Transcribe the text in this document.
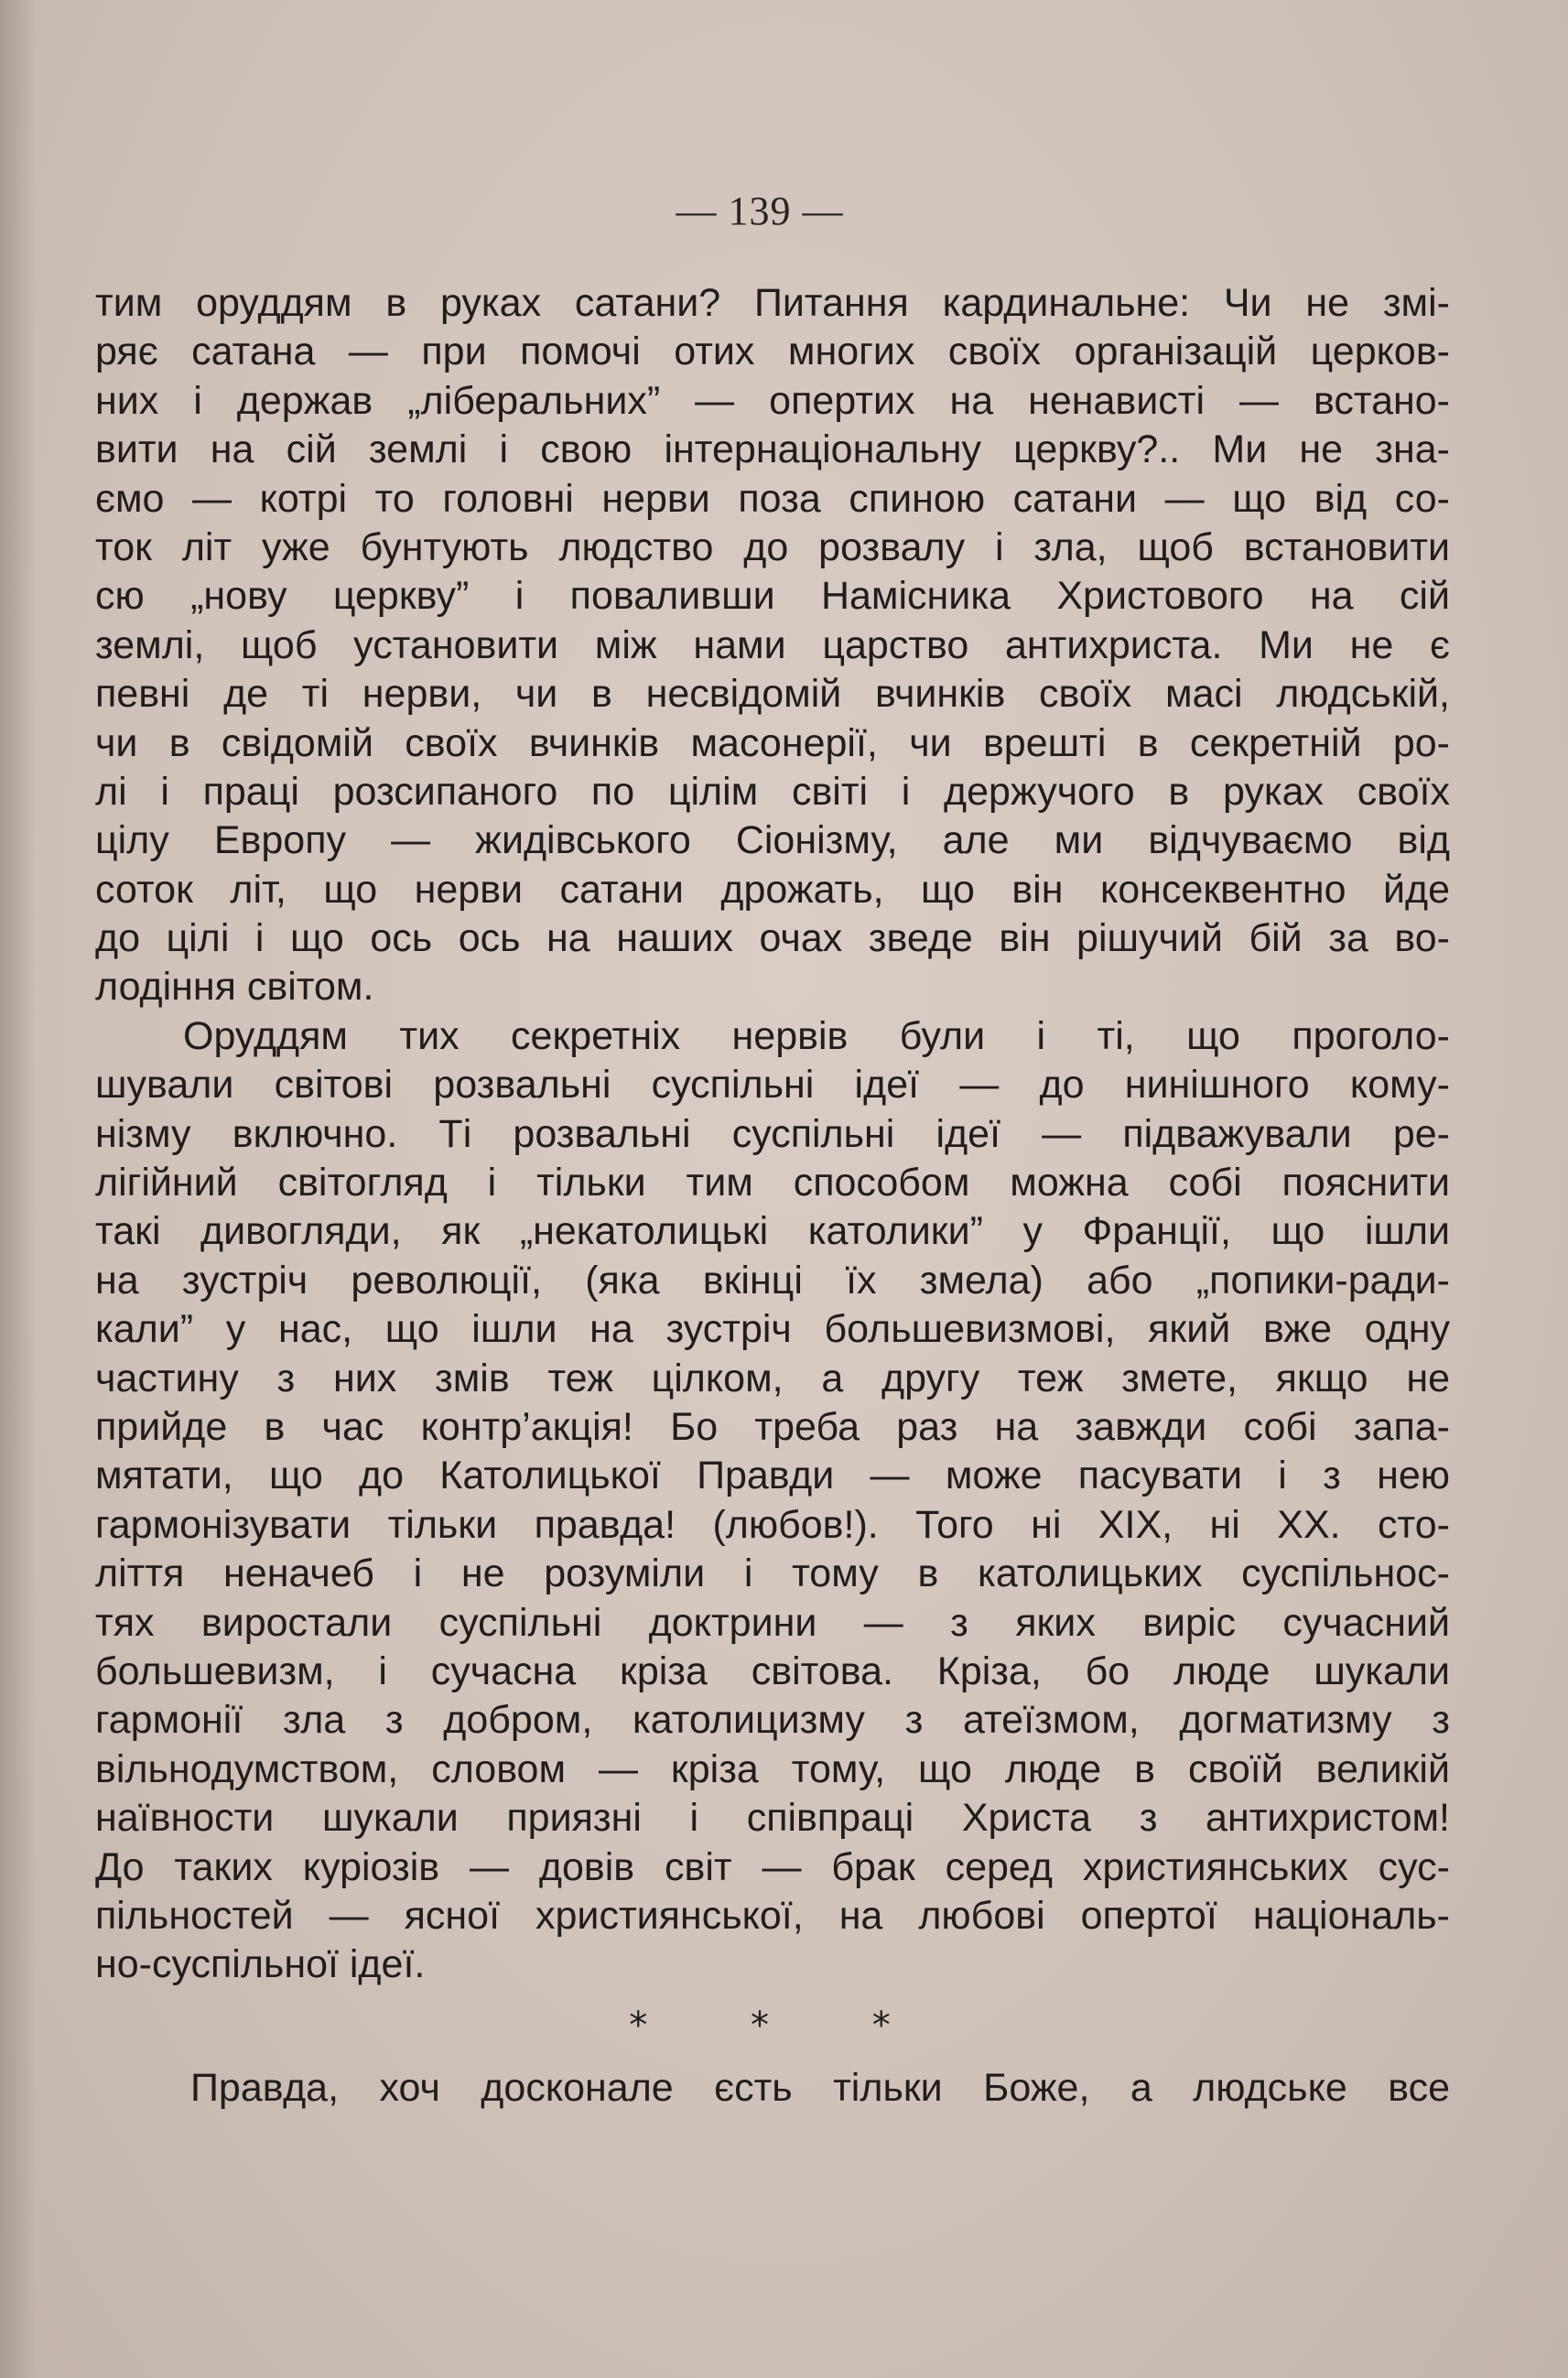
— 139 —
тим оруддям в руках сатани? Питання кардинальне: Чи не змі-
ряє сатана — при помочі отих многих своїх організацій церков-
них і держав „ліберальних” — опертих на ненависті — встано-
вити на сій землі і свою інтернаціональну церкву?.. Ми не зна-
ємо — котрі то головні нерви поза спиною сатани — що від со-
ток літ уже бунтують людство до розвалу і зла, щоб встановити
сю „нову церкву” і поваливши Намісника Христового на сій
землі, щоб установити між нами царство антихриста. Ми не є
певні де ті нерви, чи в несвідомій вчинків своїх масі людській,
чи в свідомій своїх вчинків масонерії, чи врешті в секретній ро-
лі і праці розсипаного по цілім світі і держучого в руках своїх
цілу Европу — жидівського Сіонізму, але ми відчуваємо від
соток літ, що нерви сатани дрожать, що він консеквентно йде
до цілі і що ось ось на наших очах зведе він рішучий бій за во-
лодіння світом.
Оруддям тих секретніх нервів були і ті, що проголо-
шували світові розвальні суспільні ідеї — до нинішного кому-
нізму включно. Ті розвальні суспільні ідеї — підважували ре-
лігійний світогляд і тільки тим способом можна собі пояснити
такі дивогляди, як „некатолицькі католики” у Франції, що ішли
на зустріч революції, (яка вкінці їх змела) або „попики-ради-
кали” у нас, що ішли на зустріч большевизмові, який вже одну
частину з них змів теж цілком, а другу теж змете, якщо не
прийде в час контр’акція! Бо треба раз на завжди собі запа-
мятати, що до Католицької Правди — може пасувати і з нею
гармонізувати тільки правда! (любов!). Того ні XIX, ні XX. сто-
ліття неначеб і не розуміли і тому в католицьких суспільнос-
тях виростали суспільні доктрини — з яких виріс сучасний
большевизм, і сучасна кріза світова. Кріза, бо люде шукали
гармонії зла з добром, католицизму з атеїзмом, догматизму з
вільнодумством, словом — кріза тому, що люде в своїй великій
наївности шукали приязні і співпраці Христа з антихристом!
До таких куріозів — довів світ — брак серед християнських сус-
пільностей — ясної християнської, на любові опертої національ-
но-суспільної ідеї.
* * *
Правда, хоч досконале єсть тільки Боже, а людське все
